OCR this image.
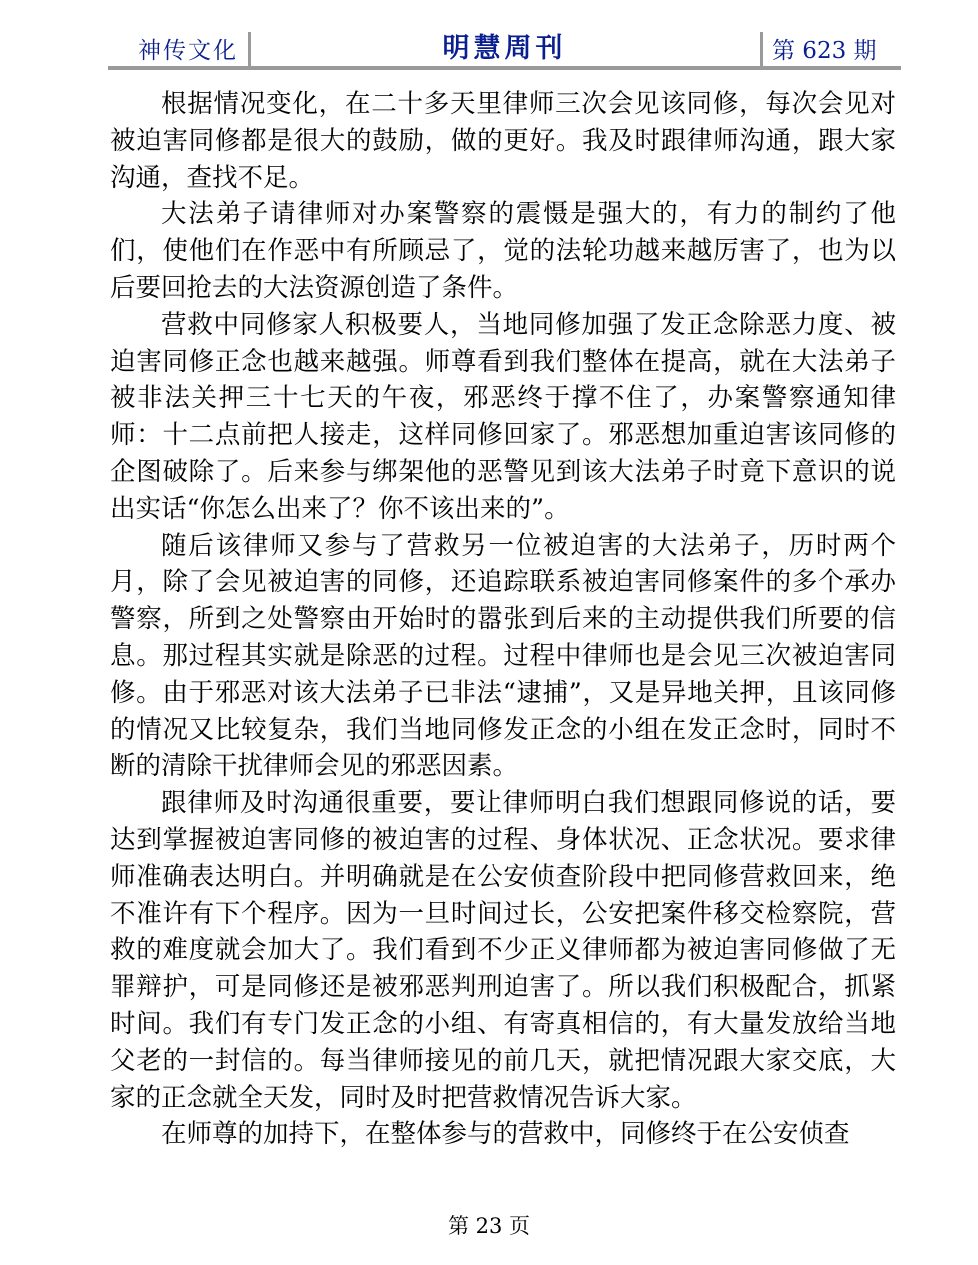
神传文化	明慧周刊	第 623 期

根据情况变化，在二十多天里律师三次会见该同修，每次会见对被迫害同修都是很大的鼓励，做的更好。我及时跟律师沟通，跟大家沟通，查找不足。

大法弟子请律师对办案警察的震慑是强大的，有力的制约了他们，使他们在作恶中有所顾忌了，觉的法轮功越来越厉害了，也为以后要回抢去的大法资源创造了条件。

营救中同修家人积极要人，当地同修加强了发正念除恶力度、被迫害同修正念也越来越强。师尊看到我们整体在提高，就在大法弟子被非法关押三十七天的午夜，邪恶终于撑不住了，办案警察通知律师：十二点前把人接走，这样同修回家了。邪恶想加重迫害该同修的企图破除了。后来参与绑架他的恶警见到该大法弟子时竟下意识的说出实话“你怎么出来了？你不该出来的”。

随后该律师又参与了营救另一位被迫害的大法弟子，历时两个月，除了会见被迫害的同修，还追踪联系被迫害同修案件的多个承办警察，所到之处警察由开始时的嚣张到后来的主动提供我们所要的信息。那过程其实就是除恶的过程。过程中律师也是会见三次被迫害同修。由于邪恶对该大法弟子已非法“逮捕”，又是异地关押，且该同修的情况又比较复杂，我们当地同修发正念的小组在发正念时，同时不断的清除干扰律师会见的邪恶因素。

跟律师及时沟通很重要，要让律师明白我们想跟同修说的话，要达到掌握被迫害同修的被迫害的过程、身体状况、正念状况。要求律师准确表达明白。并明确就是在公安侦查阶段中把同修营救回来，绝不准许有下个程序。因为一旦时间过长，公安把案件移交检察院，营救的难度就会加大了。我们看到不少正义律师都为被迫害同修做了无罪辩护，可是同修还是被邪恶判刑迫害了。所以我们积极配合，抓紧时间。我们有专门发正念的小组、有寄真相信的，有大量发放给当地父老的一封信的。每当律师接见的前几天，就把情况跟大家交底，大家的正念就全天发，同时及时把营救情况告诉大家。

在师尊的加持下，在整体参与的营救中，同修终于在公安侦查

第 23 页
